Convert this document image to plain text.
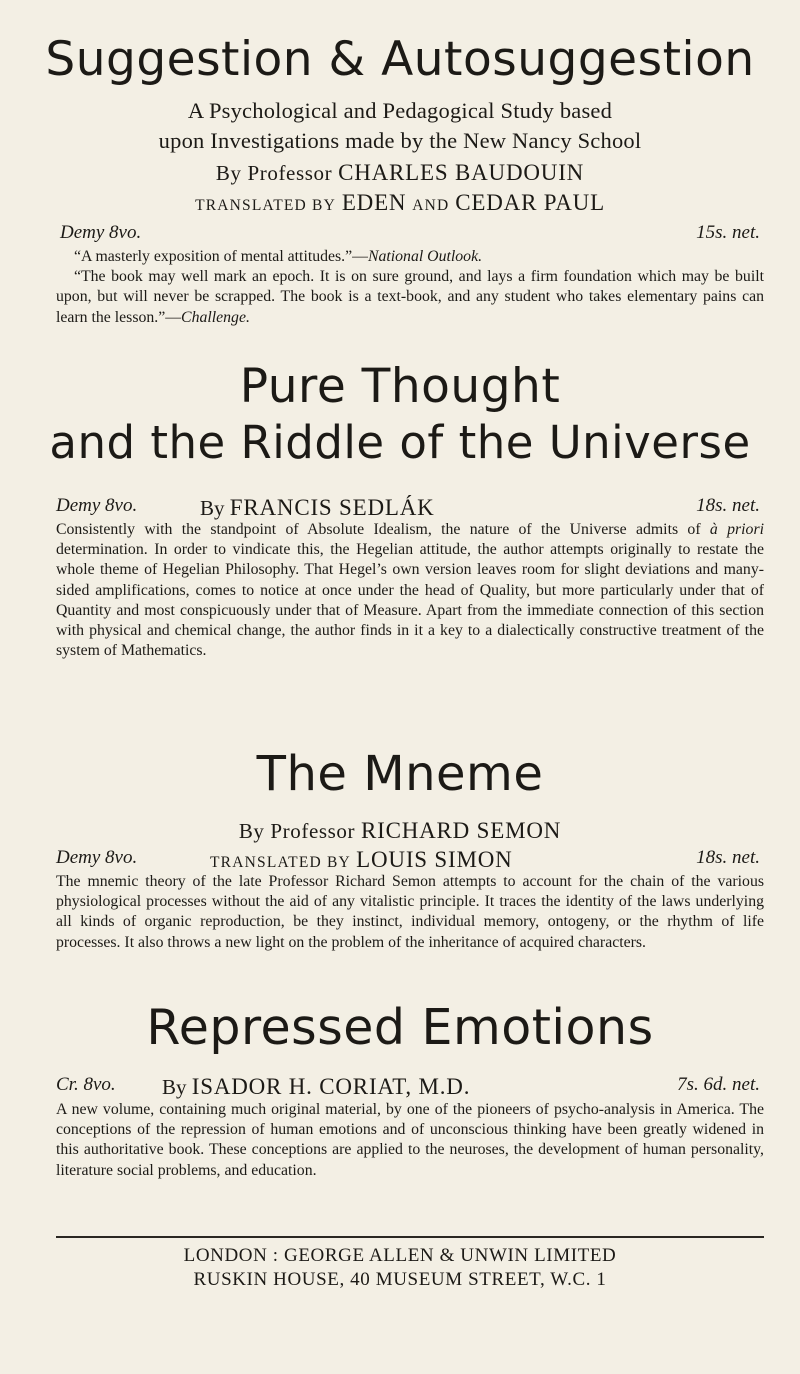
Suggestion & Autosuggestion
A Psychological and Pedagogical Study based
upon Investigations made by the New Nancy School
By Professor CHARLES BAUDOUIN
TRANSLATED BY EDEN AND CEDAR PAUL
Demy 8vo.	15s. net.

“A masterly exposition of mental attitudes.”—National Outlook.

“The book may well mark an epoch. It is on sure ground, and lays a firm foundation which may be built upon, but will never be scrapped. The book is a text-book, and any student who takes elementary pains can learn the lesson.”—Challenge.

Pure Thought
and the Riddle of the Universe
Demy 8vo.	By FRANCIS SEDLÁK	18s. net.
Consistently with the standpoint of Absolute Idealism, the nature of the Universe admits of à priori determination. In order to vindicate this, the Hegelian attitude, the author attempts originally to restate the whole theme of Hegelian Philosophy. That Hegel’s own version leaves room for slight deviations and many-sided amplifications, comes to notice at once under the head of Quality, but more particularly under that of Quantity and most conspicuously under that of Measure. Apart from the immediate connection of this section with physical and chemical change, the author finds in it a key to a dialectically constructive treatment of the system of Mathematics.
The Mneme
By Professor RICHARD SEMON
Demy 8vo.	TRANSLATED BY LOUIS SIMON	18s. net.
The mnemic theory of the late Professor Richard Semon attempts to account for the chain of the various physiological processes without the aid of any vitalistic principle. It traces the identity of the laws underlying all kinds of organic reproduction, be they instinct, individual memory, ontogeny, or the rhythm of life processes. It also throws a new light on the problem of the inheritance of acquired characters.
Repressed Emotions
Cr. 8vo. By ISADOR H. CORIAT, M.D.	7s. 6d. net.
A new volume, containing much original material, by one of the pioneers of psycho-analysis in America. The conceptions of the repression of human emotions and of unconscious thinking have been greatly widened in this authoritative book. These conceptions are applied to the neuroses, the development of human personality, literature social problems, and education.
LONDON : GEORGE ALLEN & UNWIN LIMITED
RUSKIN HOUSE, 40 MUSEUM STREET, W.C. 1
